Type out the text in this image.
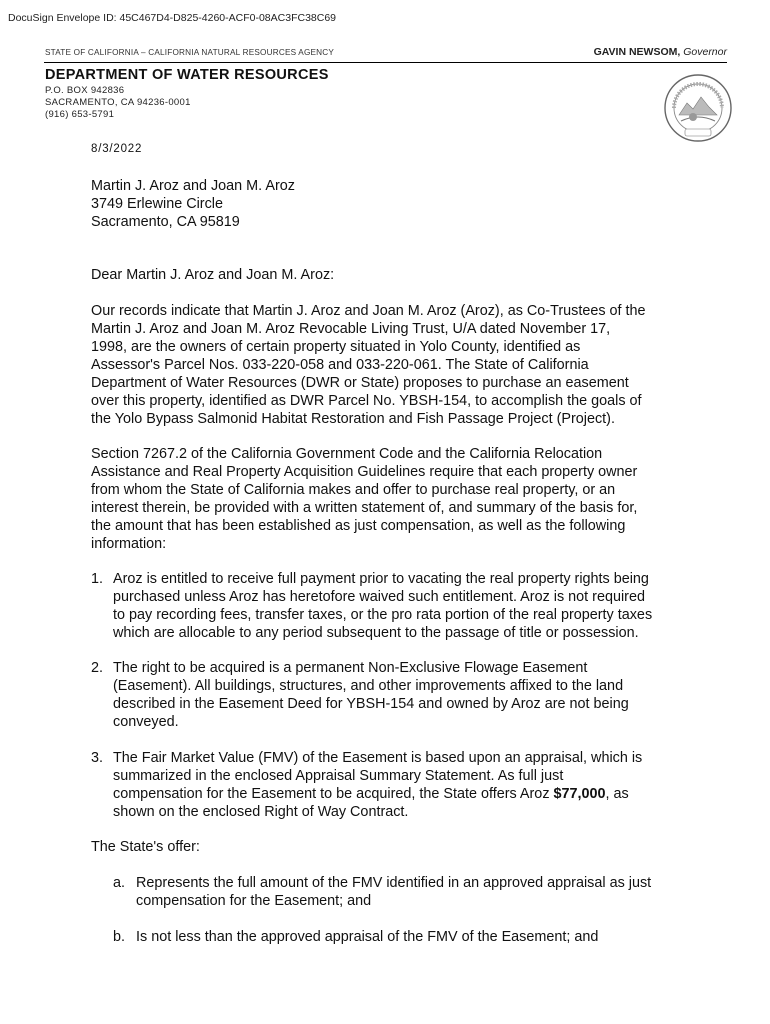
DocuSign Envelope ID: 45C467D4-D825-4260-ACF0-08AC3FC38C69
STATE OF CALIFORNIA – CALIFORNIA NATURAL RESOURCES AGENCY	GAVIN NEWSOM, Governor
DEPARTMENT OF WATER RESOURCES
P.O. BOX 942836
SACRAMENTO, CA 94236-0001
(916) 653-5791
8/3/2022
Martin J. Aroz and Joan M. Aroz
3749 Erlewine Circle
Sacramento, CA 95819
Dear Martin J. Aroz and Joan M. Aroz:
Our records indicate that Martin J. Aroz and Joan M. Aroz (Aroz), as Co-Trustees of the
Martin J. Aroz and Joan M. Aroz Revocable Living Trust, U/A dated November 17,
1998, are the owners of certain property situated in Yolo County, identified as
Assessor's Parcel Nos. 033-220-058 and 033-220-061. The State of California
Department of Water Resources (DWR or State) proposes to purchase an easement
over this property, identified as DWR Parcel No. YBSH-154, to accomplish the goals of
the Yolo Bypass Salmonid Habitat Restoration and Fish Passage Project (Project).
Section 7267.2 of the California Government Code and the California Relocation
Assistance and Real Property Acquisition Guidelines require that each property owner
from whom the State of California makes and offer to purchase real property, or an
interest therein, be provided with a written statement of, and summary of the basis for,
the amount that has been established as just compensation, as well as the following
information:
1. Aroz is entitled to receive full payment prior to vacating the real property rights being
purchased unless Aroz has heretofore waived such entitlement. Aroz is not required
to pay recording fees, transfer taxes, or the pro rata portion of the real property taxes
which are allocable to any period subsequent to the passage of title or possession.
2. The right to be acquired is a permanent Non-Exclusive Flowage Easement
(Easement). All buildings, structures, and other improvements affixed to the land
described in the Easement Deed for YBSH-154 and owned by Aroz are not being
conveyed.
3. The Fair Market Value (FMV) of the Easement is based upon an appraisal, which is
summarized in the enclosed Appraisal Summary Statement. As full just
compensation for the Easement to be acquired, the State offers Aroz $77,000, as
shown on the enclosed Right of Way Contract.
The State's offer:
a. Represents the full amount of the FMV identified in an approved appraisal as just
compensation for the Easement; and
b. Is not less than the approved appraisal of the FMV of the Easement; and
